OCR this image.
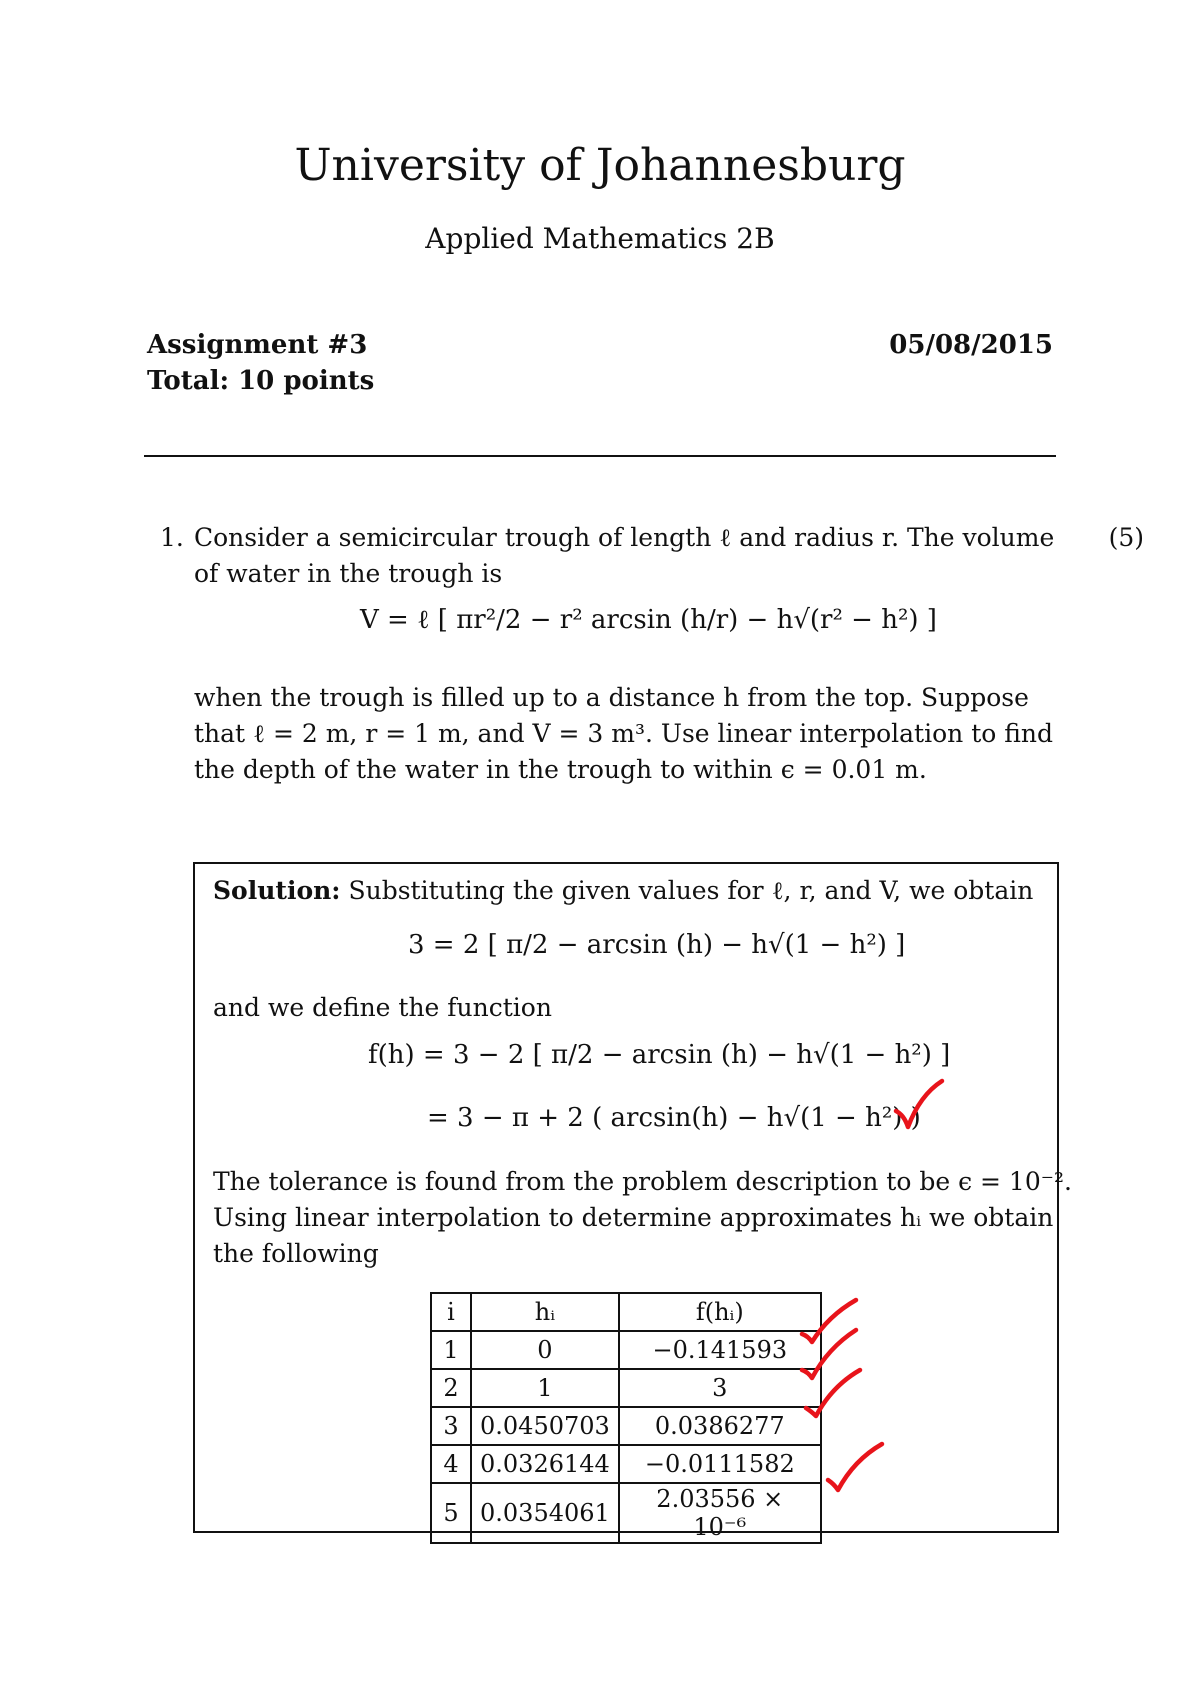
University of Johannesburg
Applied Mathematics 2B
Assignment #3
Total: 10 points
05/08/2015
1.	(5)
Consider a semicircular trough of length ℓ and radius r. The volume
of water in the trough is
V = ℓ [ πr²/2 − r² arcsin (h/r) − h√(r² − h²) ]
when the trough is filled up to a distance h from the top. Suppose
that ℓ = 2 m, r = 1 m, and V = 3 m³. Use linear interpolation to find
the depth of the water in the trough to within ϵ = 0.01 m.
Solution: Substituting the given values for ℓ, r, and V, we obtain
3 = 2 [ π/2 − arcsin (h) − h√(1 − h²) ]
and we define the function
f(h) = 3 − 2 [ π/2 − arcsin (h) − h√(1 − h²) ]
= 3 − π + 2 ( arcsin(h) − h√(1 − h²) )
The tolerance is found from the problem description to be ϵ = 10⁻².
Using linear interpolation to determine approximates hᵢ we obtain
the following
i	hᵢ	f(hᵢ)
1	0	−0.141593
2	1	3
3	0.0450703	0.0386277
4	0.0326144	−0.0111582
5	0.0354061	2.03556 × 10⁻⁶
